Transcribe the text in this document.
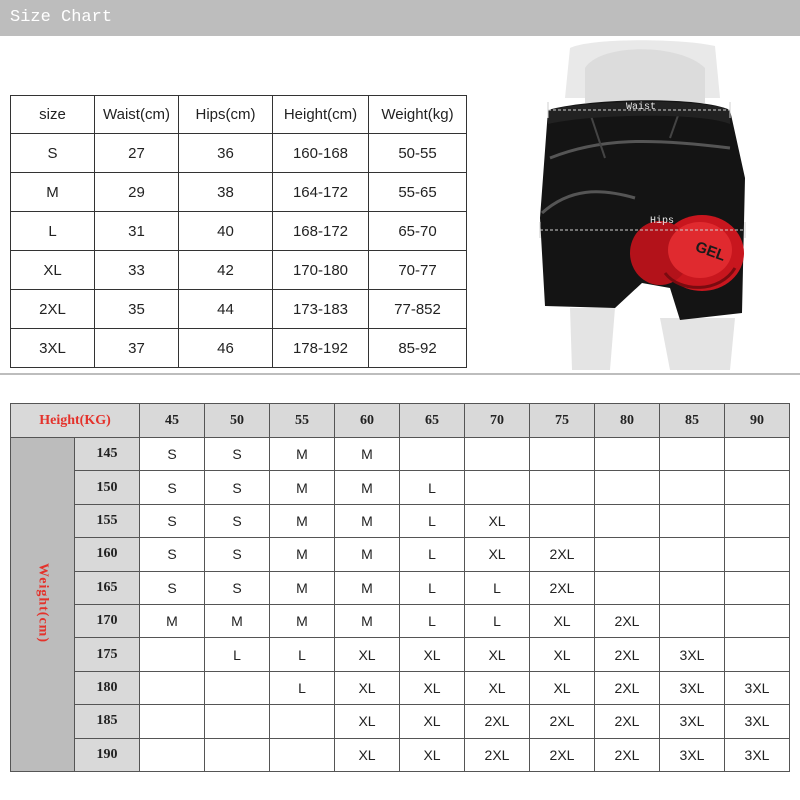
Size Chart
size	Waist(cm)	Hips(cm)	Height(cm)	Weight(kg)
S	27	36	160-168	50-55
M	29	38	164-172	55-65
L	31	40	168-172	65-70
XL	33	42	170-180	70-77
2XL	35	44	173-183	77-852
3XL	37	46	178-192	85-92
Waist
Hips
GEL
Height(KG)		45	50	55	60	65	70	75	80	85	90
Weight(cm)	145	S	S	M	M						
	150	S	S	M	M	L					
	155	S	S	M	M	L	XL				
	160	S	S	M	M	L	XL	2XL			
	165	S	S	M	M	L	L	2XL			
	170	M	M	M	M	L	L	XL	2XL		
	175		L	L	XL	XL	XL	XL	2XL	3XL	
	180			L	XL	XL	XL	XL	2XL	3XL	3XL
	185				XL	XL	2XL	2XL	2XL	3XL	3XL
	190				XL	XL	2XL	2XL	2XL	3XL	3XL
